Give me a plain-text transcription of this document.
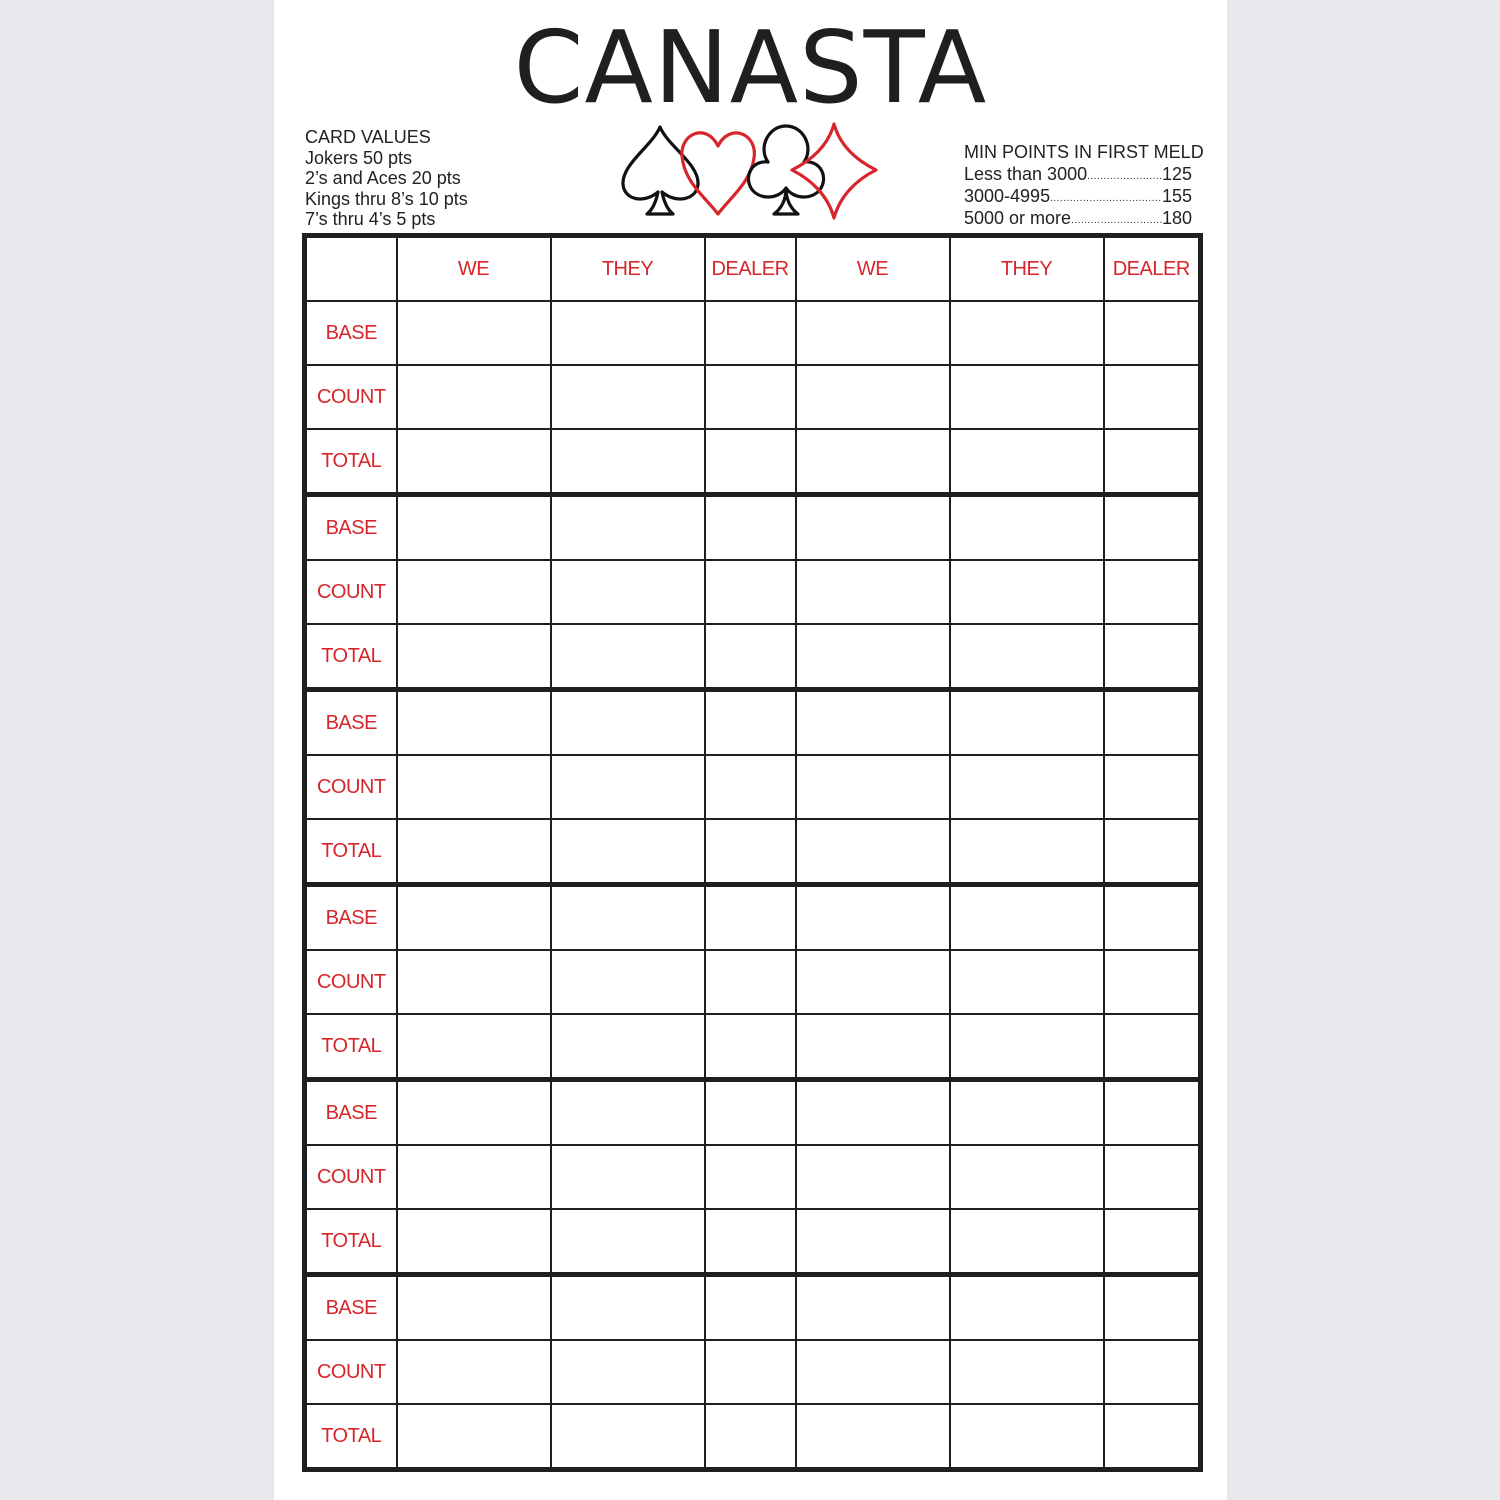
CANASTA
CARD VALUES
Jokers 50 pts
2’s and Aces 20 pts
Kings thru 8’s 10 pts
7’s thru 4’s 5 pts
MIN POINTS IN FIRST MELD
Less than 3000 .....	125
3000-4995 .....	155
5000 or more .....	180
	WE	THEY	DEALER	WE	THEY	DEALER
BASE						
COUNT						
TOTAL						
BASE						
COUNT						
TOTAL						
BASE						
COUNT						
TOTAL						
BASE						
COUNT						
TOTAL						
BASE						
COUNT						
TOTAL						
BASE						
COUNT						
TOTAL						
